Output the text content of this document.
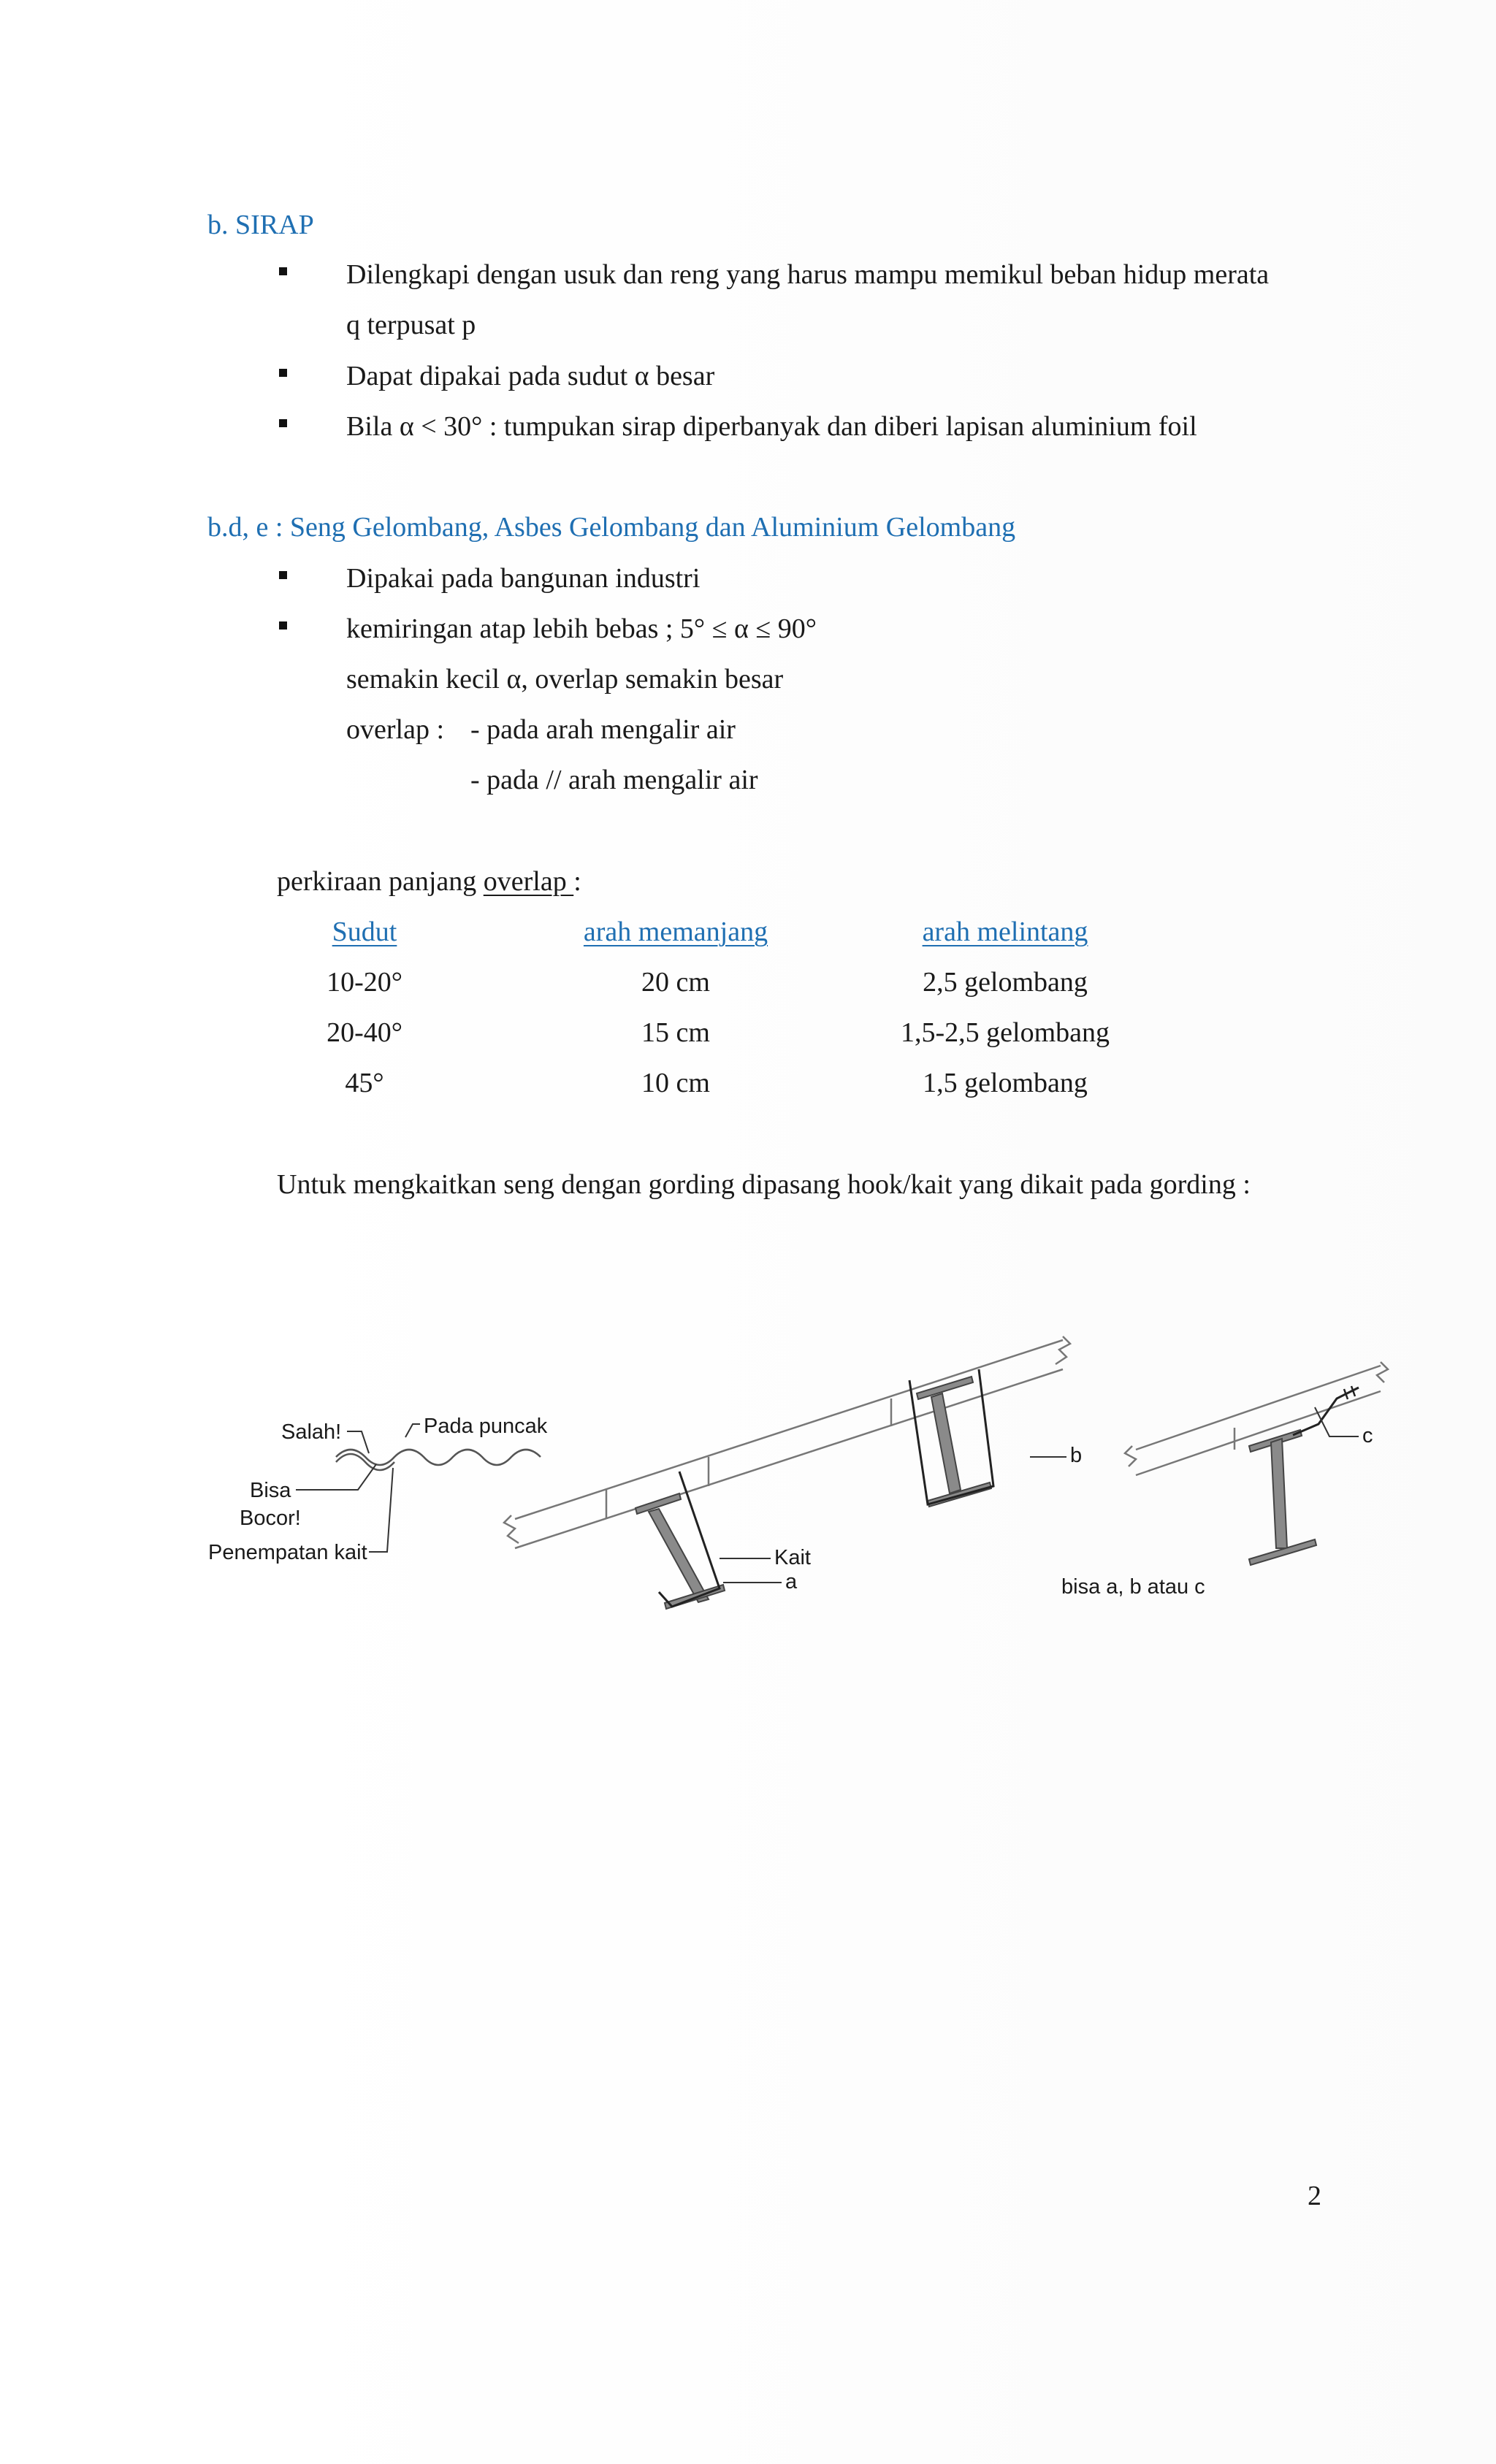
b. SIRAP
Dilengkapi dengan usuk dan reng yang harus mampu memikul beban hidup merata
q terpusat p
Dapat dipakai pada sudut α besar
Bila α < 30° : tumpukan sirap diperbanyak dan diberi lapisan aluminium foil
b.d, e : Seng Gelombang, Asbes Gelombang dan Aluminium Gelombang
Dipakai pada bangunan industri
kemiringan atap lebih bebas ; 5° ≤ α ≤ 90°
semakin kecil α, overlap semakin besar
overlap : - pada arah mengalir air
- pada // arah mengalir air
perkiraan panjang overlap :
Sudut	arah memanjang	arah melintang
10-20°	20 cm	2,5 gelombang
20-40°	15 cm	1,5-2,5 gelombang
45°	10 cm	1,5 gelombang
Untuk mengkaitkan seng dengan gording dipasang hook/kait yang dikait pada gording :
Salah!	Pada puncak
Bisa
Bocor!
Penempatan kait	Kait
a
b
c
bisa a, b atau c
2
